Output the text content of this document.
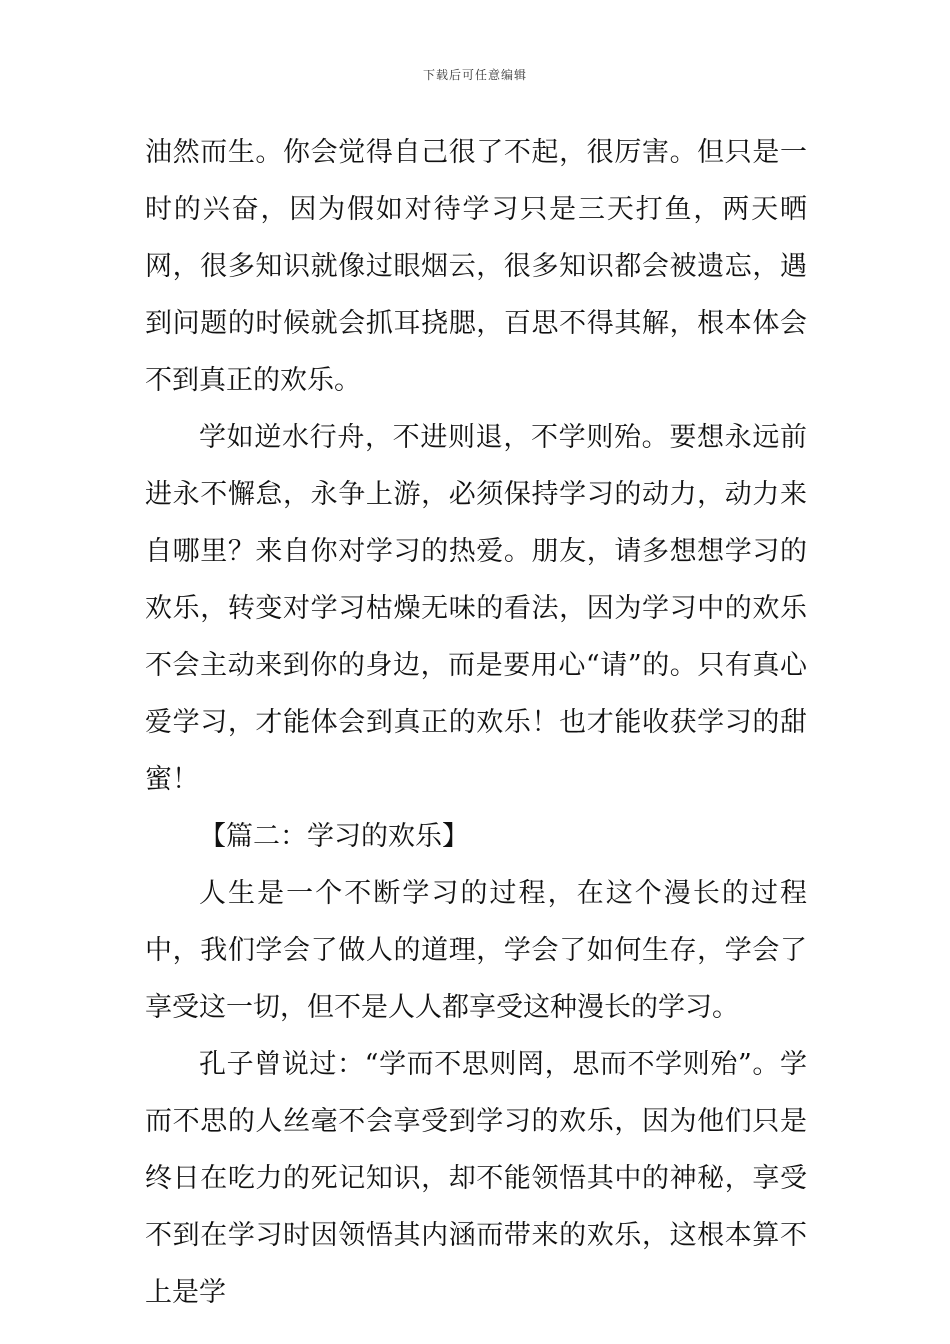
下载后可任意编辑

油然而生。你会觉得自己很了不起，很厉害。但只是一时的兴奋，因为假如对待学习只是三天打鱼，两天晒网，很多知识就像过眼烟云，很多知识都会被遗忘，遇到问题的时候就会抓耳挠腮，百思不得其解，根本体会不到真正的欢乐。

学如逆水行舟，不进则退，不学则殆。要想永远前进永不懈怠，永争上游，必须保持学习的动力，动力来自哪里？来自你对学习的热爱。朋友，请多想想学习的欢乐，转变对学习枯燥无味的看法，因为学习中的欢乐不会主动来到你的身边，而是要用心“请”的。只有真心爱学习，才能体会到真正的欢乐！也才能收获学习的甜蜜！

【篇二：学习的欢乐】

人生是一个不断学习的过程，在这个漫长的过程中，我们学会了做人的道理，学会了如何生存，学会了享受这一切，但不是人人都享受这种漫长的学习。

孔子曾说过：“学而不思则罔，思而不学则殆”。学而不思的人丝毫不会享受到学习的欢乐，因为他们只是终日在吃力的死记知识，却不能领悟其中的神秘，享受不到在学习时因领悟其内涵而带来的欢乐，这根本算不上是学
